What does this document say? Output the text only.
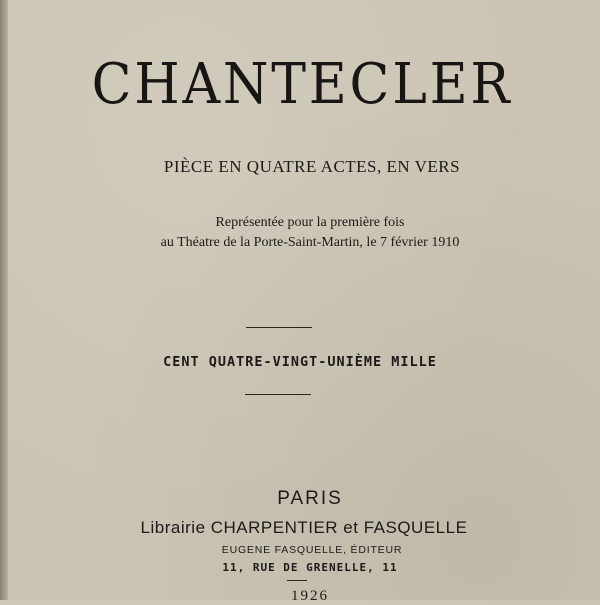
CHANTECLER
PIÈCE EN QUATRE ACTES, EN VERS
Représentée pour la première fois
au Théatre de la Porte-Saint-Martin, le 7 février 1910
CENT QUATRE-VINGT-UNIÈME MILLE
PARIS
Librairie CHARPENTIER et FASQUELLE
EUGENE FASQUELLE, ÉDITEUR
11, RUE DE GRENELLE, 11
1926
